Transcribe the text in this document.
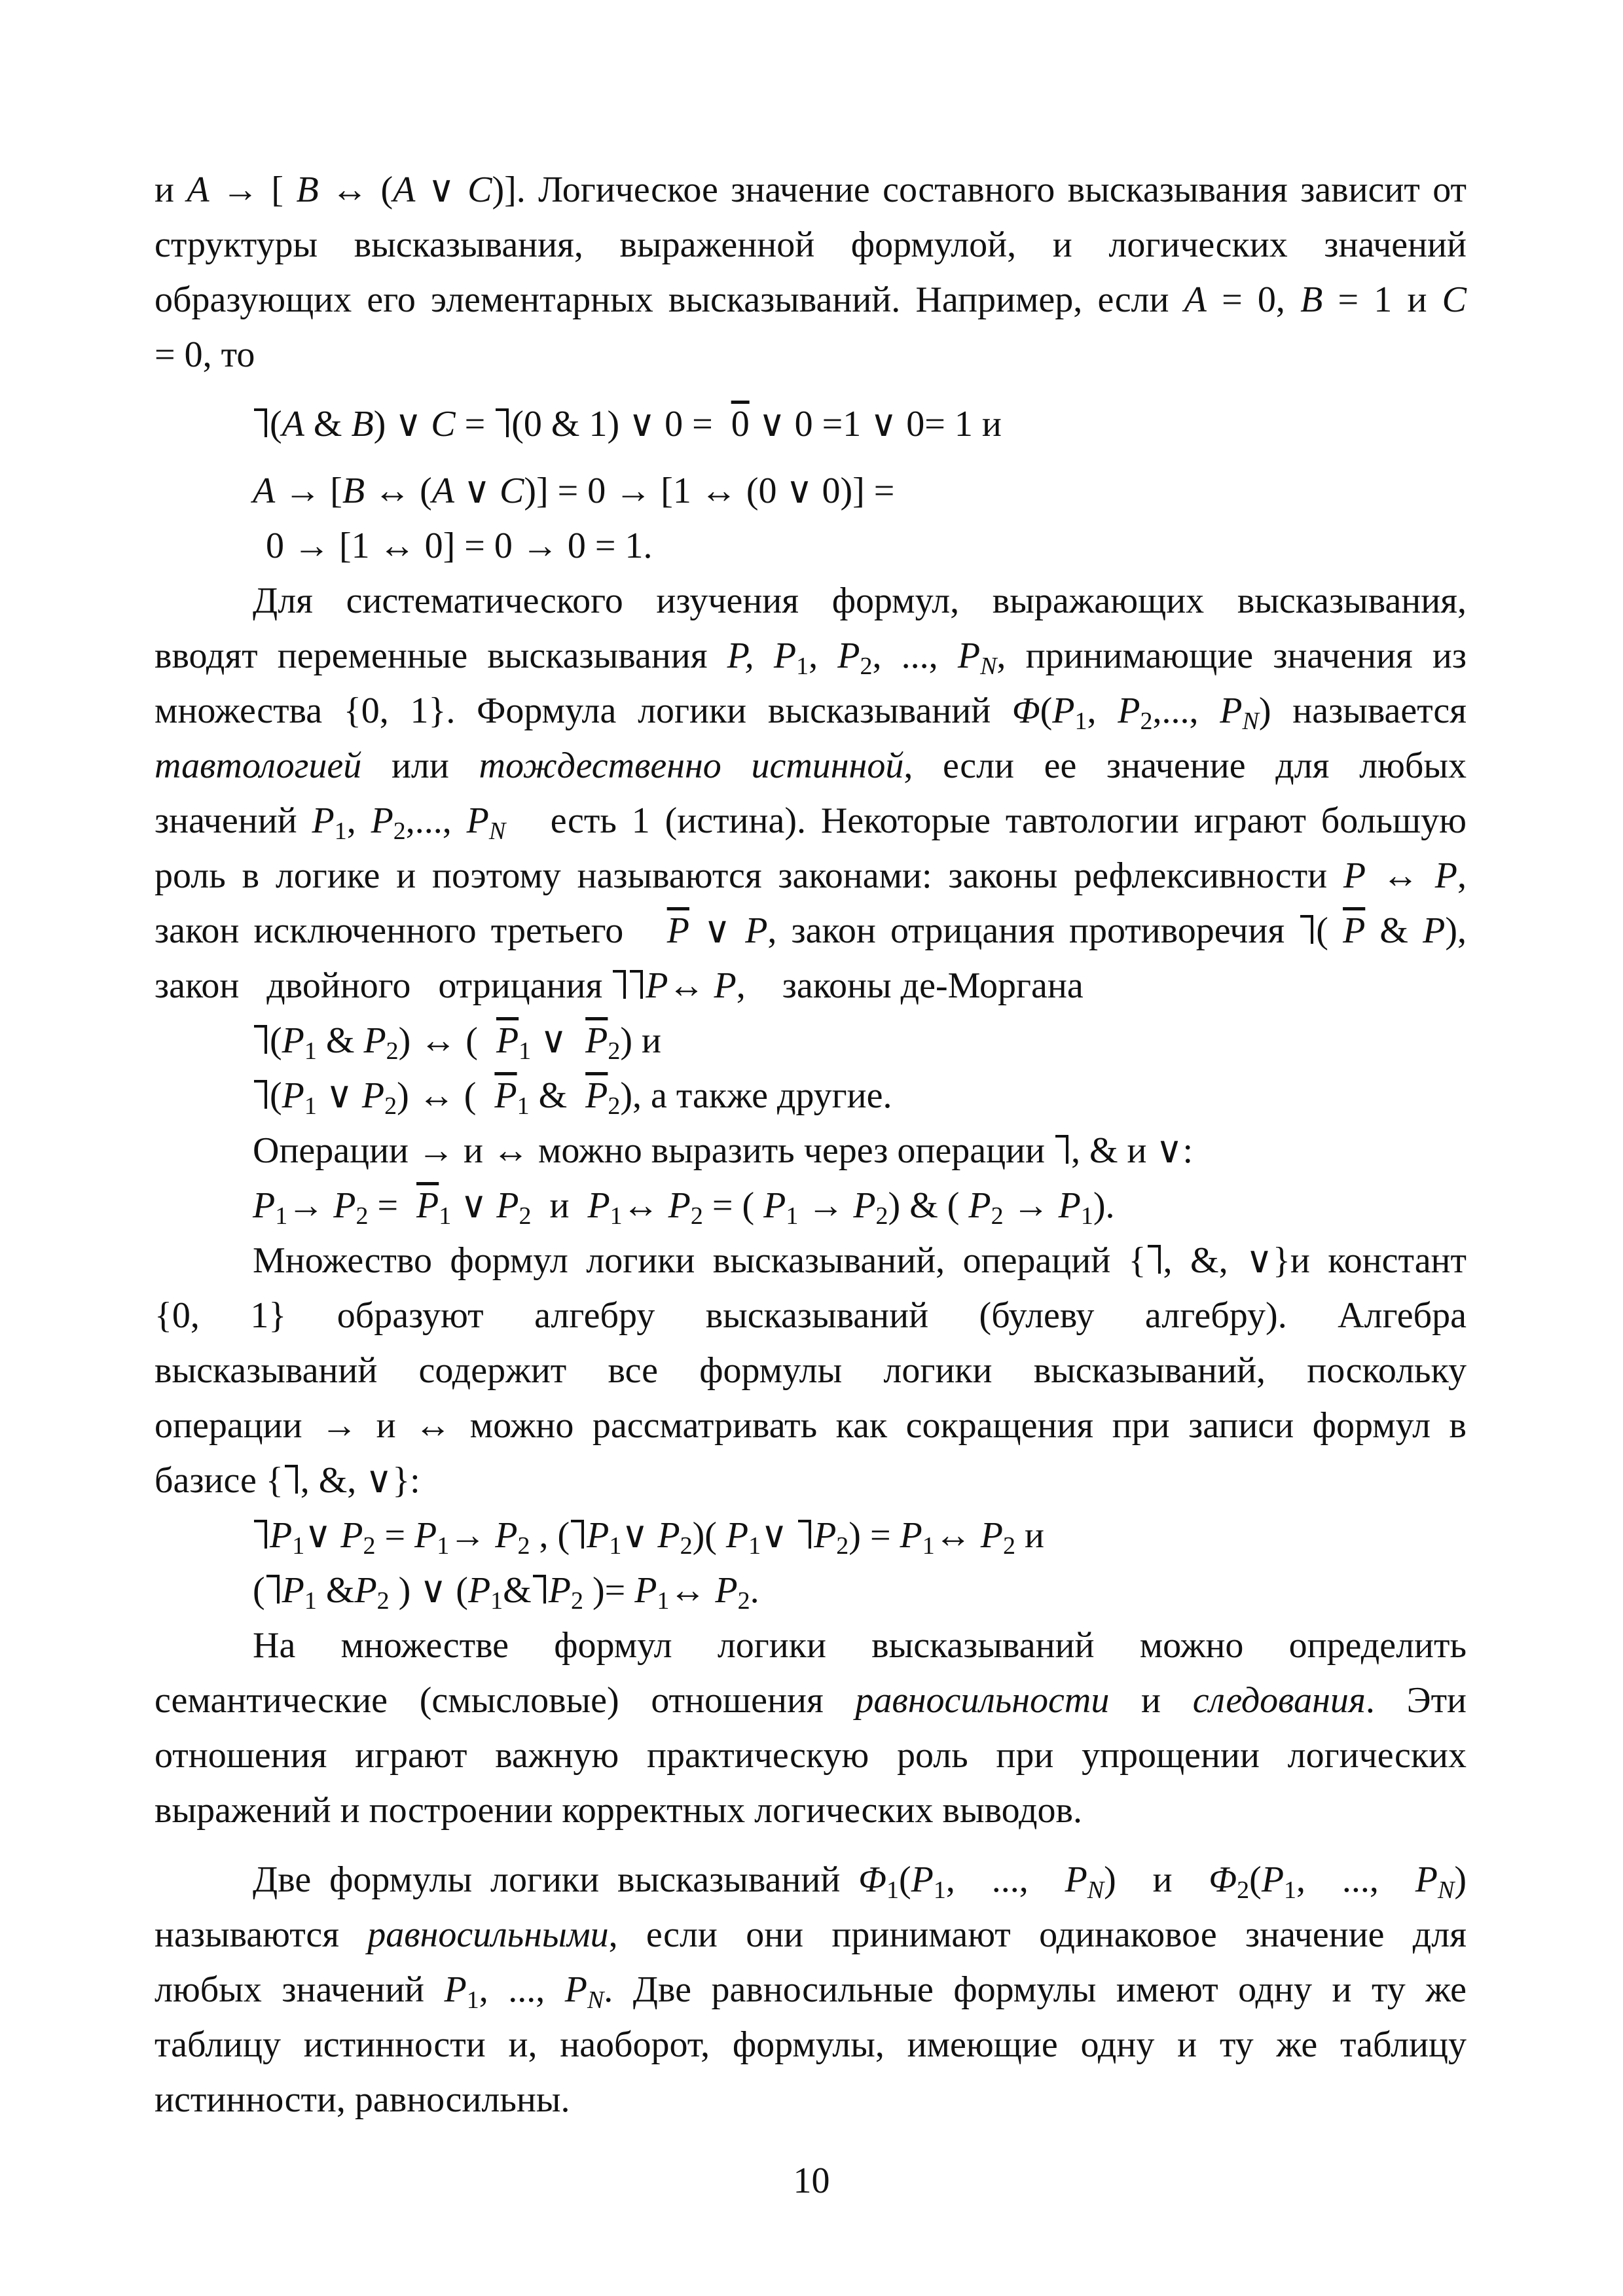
и A → [ B ↔ (A ∨ C)]. Логическое значение составного высказывания зависит от
структуры высказывания, выраженной формулой, и логических значений
образующих его элементарных высказываний. Например, если A = 0, B = 1 и C
= 0, то
(A & B) ∨ C = (0 & 1) ∨ 0 =  0 ∨ 0 =1 ∨ 0= 1 и
A → [B ↔ (A ∨ C)] = 0 → [1 ↔ (0 ∨ 0)] =
0 → [1 ↔ 0] = 0 → 0 = 1.
Для систематического изучения формул, выражающих высказывания,
вводят переменные высказывания P, $P_1$, $P_2$, ..., $P_N$, принимающие значения из
множества {0, 1}. Формула логики высказываний $\Phi(P_1$, $P_2$,..., $P_N$) называется
тавтологией или тождественно истинной, если ее значение для любых
значений $P_1$, $P_2$,..., $P_N$   есть 1 (истина). Некоторые тавтологии играют большую
роль в логике и поэтому называются законами: законы рефлексивности P ↔ P,
закон исключенного третьего   $\overline{P}$ ∨ P, закон отрицания противоречия ( $\overline{P}$ & P),
закон   двойного   отрицания P↔ P,    законы де-Моргана
($P_1$ & $P_2$) ↔ (  $\overline{P}_1$ ∨  $\overline{P}_2$) и
($P_1$ ∨ $P_2$) ↔ (  $\overline{P}_1$ &  $\overline{P}_2$), а также другие.
Операции → и ↔ можно выразить через операции , & и ∨:
$P_1\to P_2 = \overline{P}_1$ ∨ $P_2$  и  $P_1\leftrightarrow$ $P_2$ = ( $P_1 \to P_2$) & ( $P_2 \to P_1$).
Множество формул логики высказываний, операций { , &, ∨}и констант
{0,  1}  образуют  алгебру  высказываний  (булеву  алгебру).  Алгебра
высказываний содержит все формулы логики высказываний, поскольку
операции → и ↔ можно рассматривать как сокращения при записи формул в
базисе { , &, ∨}:
$P_1\vee$ $P_2 = P_1\to P_2$ , ( $P_1\vee$ $P_2$)( $P_1\vee$ $P_2$) = $P_1\leftrightarrow$ $P_2$ и
( $P_1$ $\&P_2$ ) ∨ ($P_1\&$ $P_2$ )= $P_1\leftrightarrow$ $P_2$.
На  множестве  формул  логики  высказываний  можно  определить
семантические (смысловые) отношения равносильности и следования. Эти
отношения играют важную практическую роль при упрощении логических
выражений и построении корректных логических выводов.
Две формулы логики высказываний $\Phi_1(P_1$,  ...,  $P_N$)  и  $\Phi_2(P_1$,  ...,  $P_N$)
называются равносильными, если они принимают одинаковое значение для
любых значений $P_1$, ..., $P_N$. Две равносильные формулы имеют одну и ту же
таблицу истинности и, наоборот, формулы, имеющие одну и ту же таблицу
истинности, равносильны.
10
